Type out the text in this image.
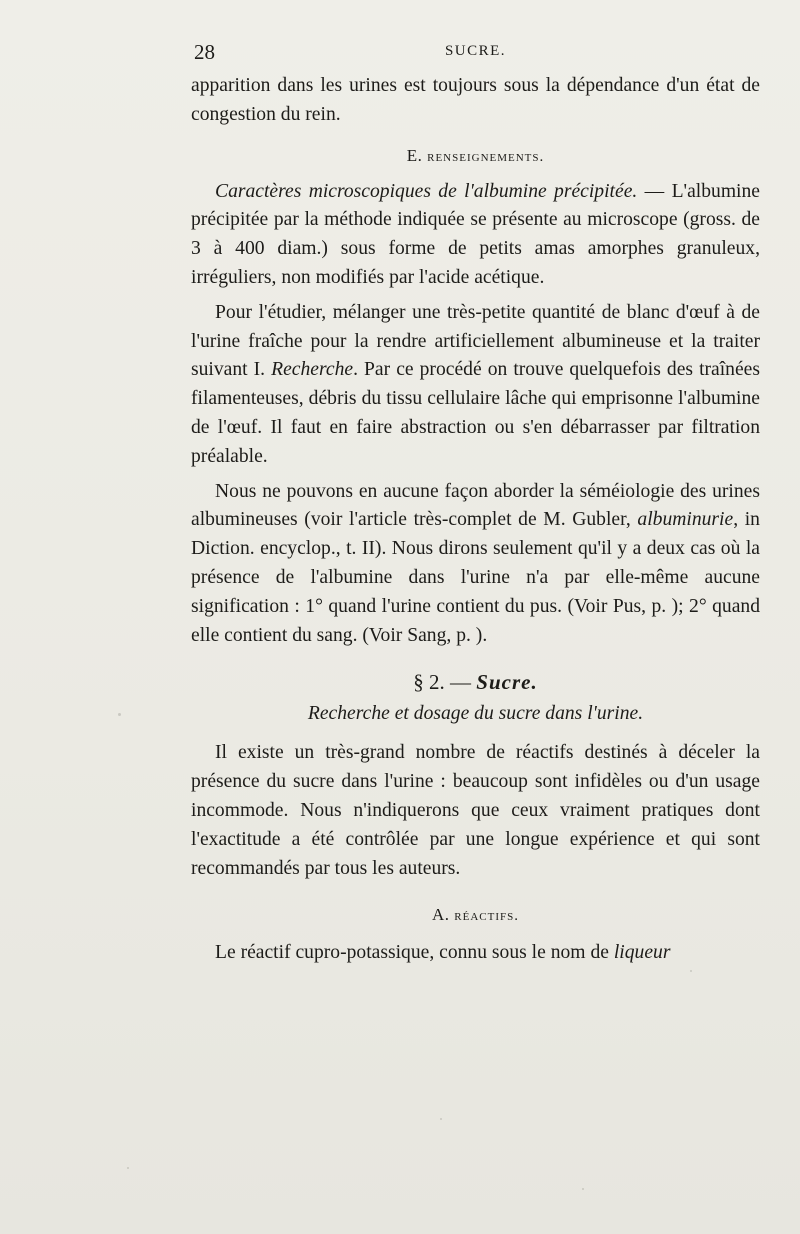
28	SUCRE.

apparition dans les urines est toujours sous la dépendance d'un état de congestion du rein.

E. renseignements.

Caractères microscopiques de l'albumine précipitée. — L'albumine précipitée par la méthode indiquée se présente au microscope (gross. de 3 à 400 diam.) sous forme de petits amas amorphes granuleux, irréguliers, non modifiés par l'acide acétique.

Pour l'étudier, mélanger une très-petite quantité de blanc d'œuf à de l'urine fraîche pour la rendre artificiellement albumineuse et la traiter suivant I. Recherche. Par ce procédé on trouve quelquefois des traînées filamenteuses, débris du tissu cellulaire lâche qui emprisonne l'albumine de l'œuf. Il faut en faire abstraction ou s'en débarrasser par filtration préalable.

Nous ne pouvons en aucune façon aborder la séméiologie des urines albumineuses (voir l'article très-complet de M. Gubler, albuminurie, in Diction. encyclop., t. II). Nous dirons seulement qu'il y a deux cas où la présence de l'albumine dans l'urine n'a par elle-même aucune signification : 1° quand l'urine contient du pus. (Voir Pus, p. ); 2° quand elle contient du sang. (Voir Sang, p. ).

§ 2. — Sucre.
Recherche et dosage du sucre dans l'urine.

Il existe un très-grand nombre de réactifs destinés à déceler la présence du sucre dans l'urine : beaucoup sont infidèles ou d'un usage incommode. Nous n'indiquerons que ceux vraiment pratiques dont l'exactitude a été contrôlée par une longue expérience et qui sont recommandés par tous les auteurs.

A. réactifs.

Le réactif cupro-potassique, connu sous le nom de liqueur
